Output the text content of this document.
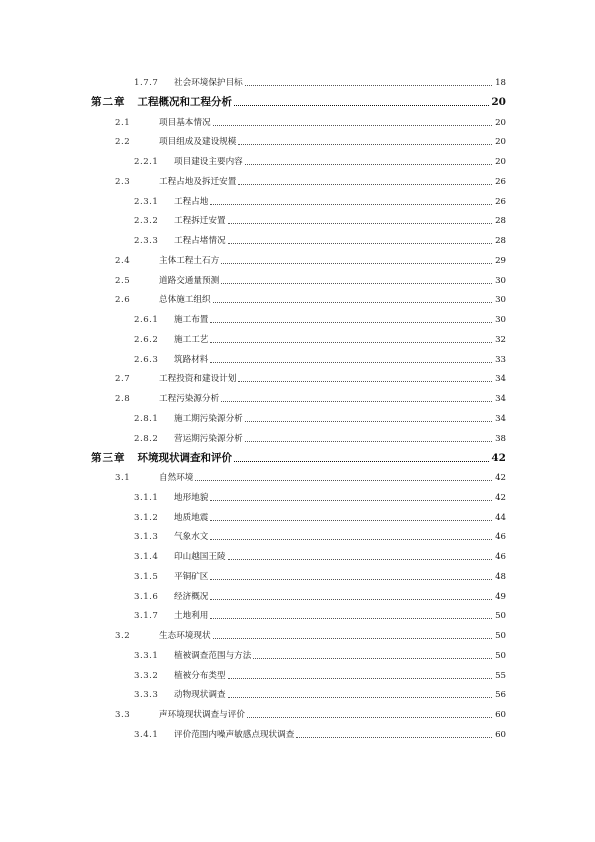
1.7.7	社会环境保护目标	18
第二章 工程概况和工程分析	20
2.1	项目基本情况	20
2.2	项目组成及建设规模	20
2.2.1	项目建设主要内容	20
2.3	工程占地及拆迁安置	26
2.3.1	工程占地	26
2.3.2	工程拆迁安置	28
2.3.3	工程占堵情况	28
2.4	主体工程土石方	29
2.5	道路交通量预测	30
2.6	总体施工组织	30
2.6.1	施工布置	30
2.6.2	施工工艺	32
2.6.3	筑路材料	33
2.7	工程投资和建设计划	34
2.8	工程污染源分析	34
2.8.1	施工期污染源分析	34
2.8.2	营运期污染源分析	38
第三章 环境现状调查和评价	42
3.1	自然环境	42
3.1.1	地形地貌	42
3.1.2	地质地震	44
3.1.3	气象水文	46
3.1.4	印山越国王陵	46
3.1.5	平铜矿区	48
3.1.6	经济概况	49
3.1.7	土地利用	50
3.2	生态环境现状	50
3.3.1	植被调查范围与方法	50
3.3.2	植被分布类型	55
3.3.3	动物现状调查	56
3.3	声环境现状调查与评价	60
3.4.1	评价范围内噪声敏感点现状调查	60
